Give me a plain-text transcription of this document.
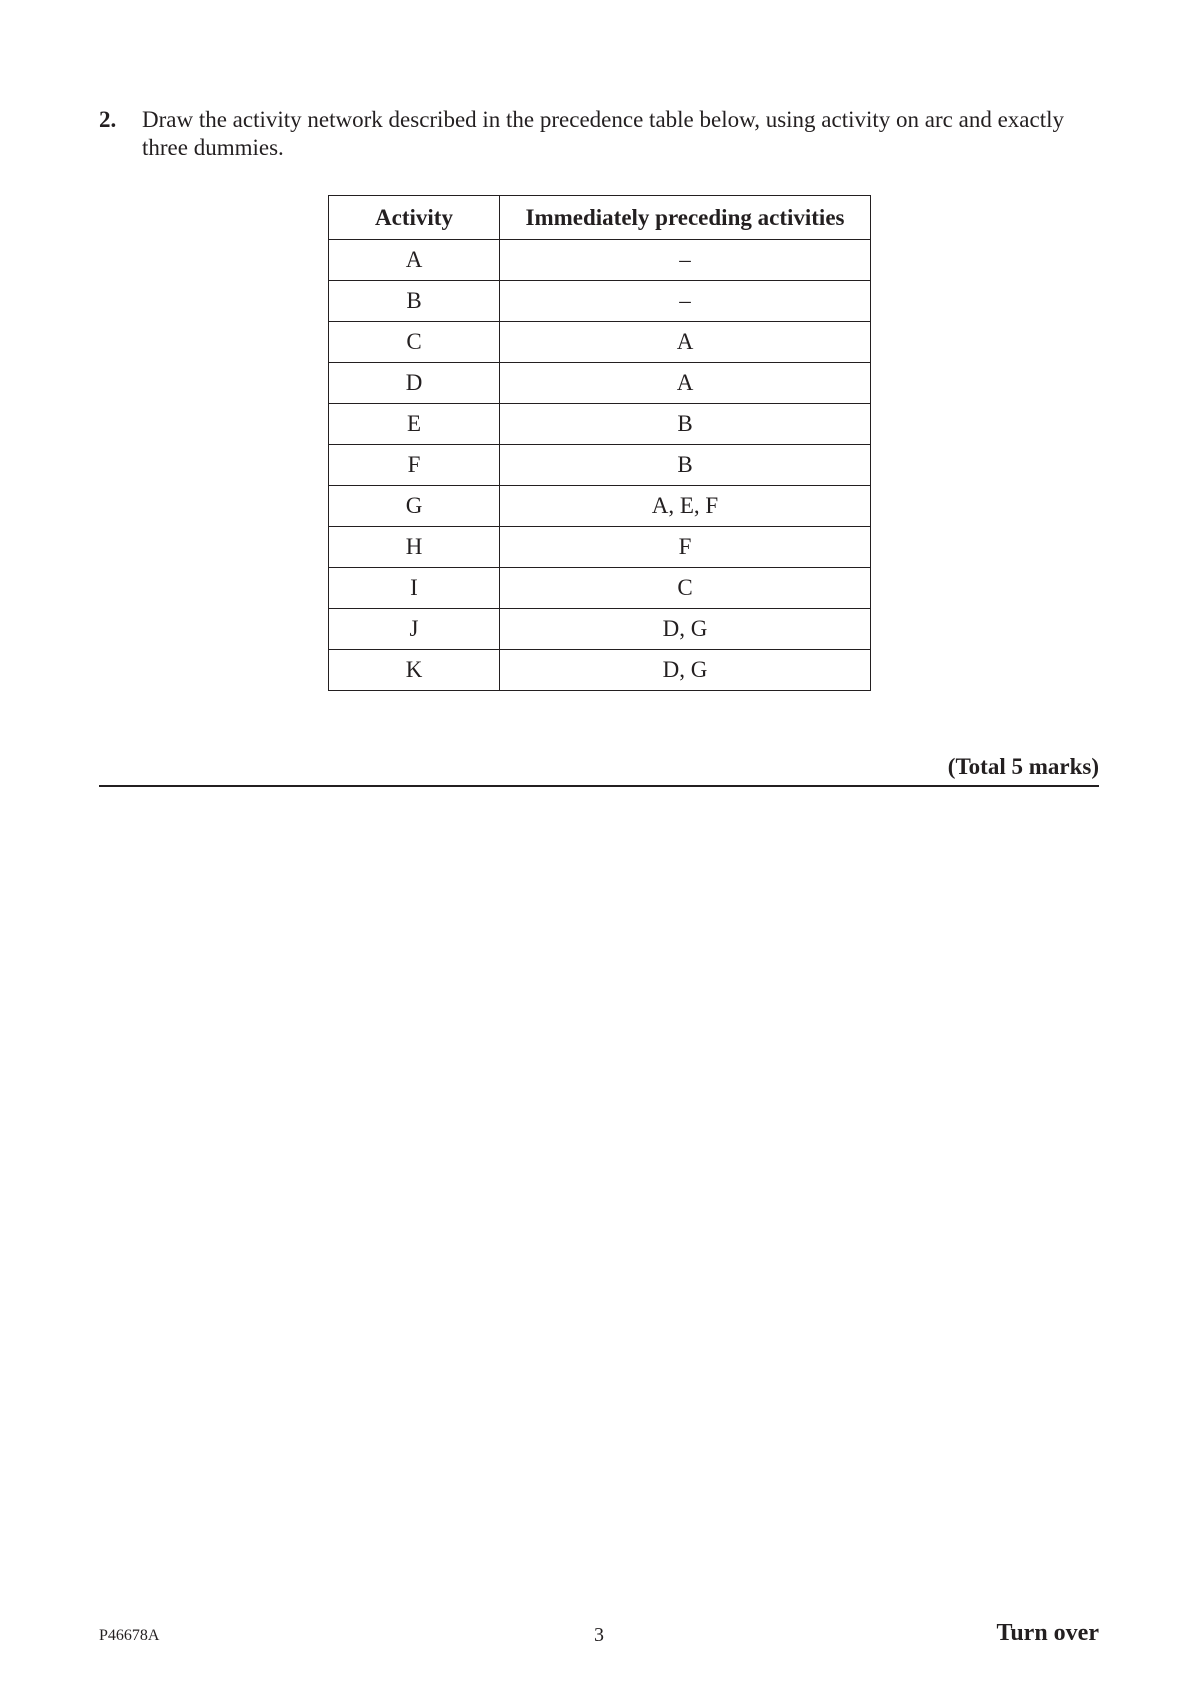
2. Draw the activity network described in the precedence table below, using activity on arc and exactly three dummies.
Activity	Immediately preceding activities
A	–
B	–
C	A
D	A
E	B
F	B
G	A, E, F
H	F
I	C
J	D, G
K	D, G
(Total 5 marks)
P46678A	3	Turn over
